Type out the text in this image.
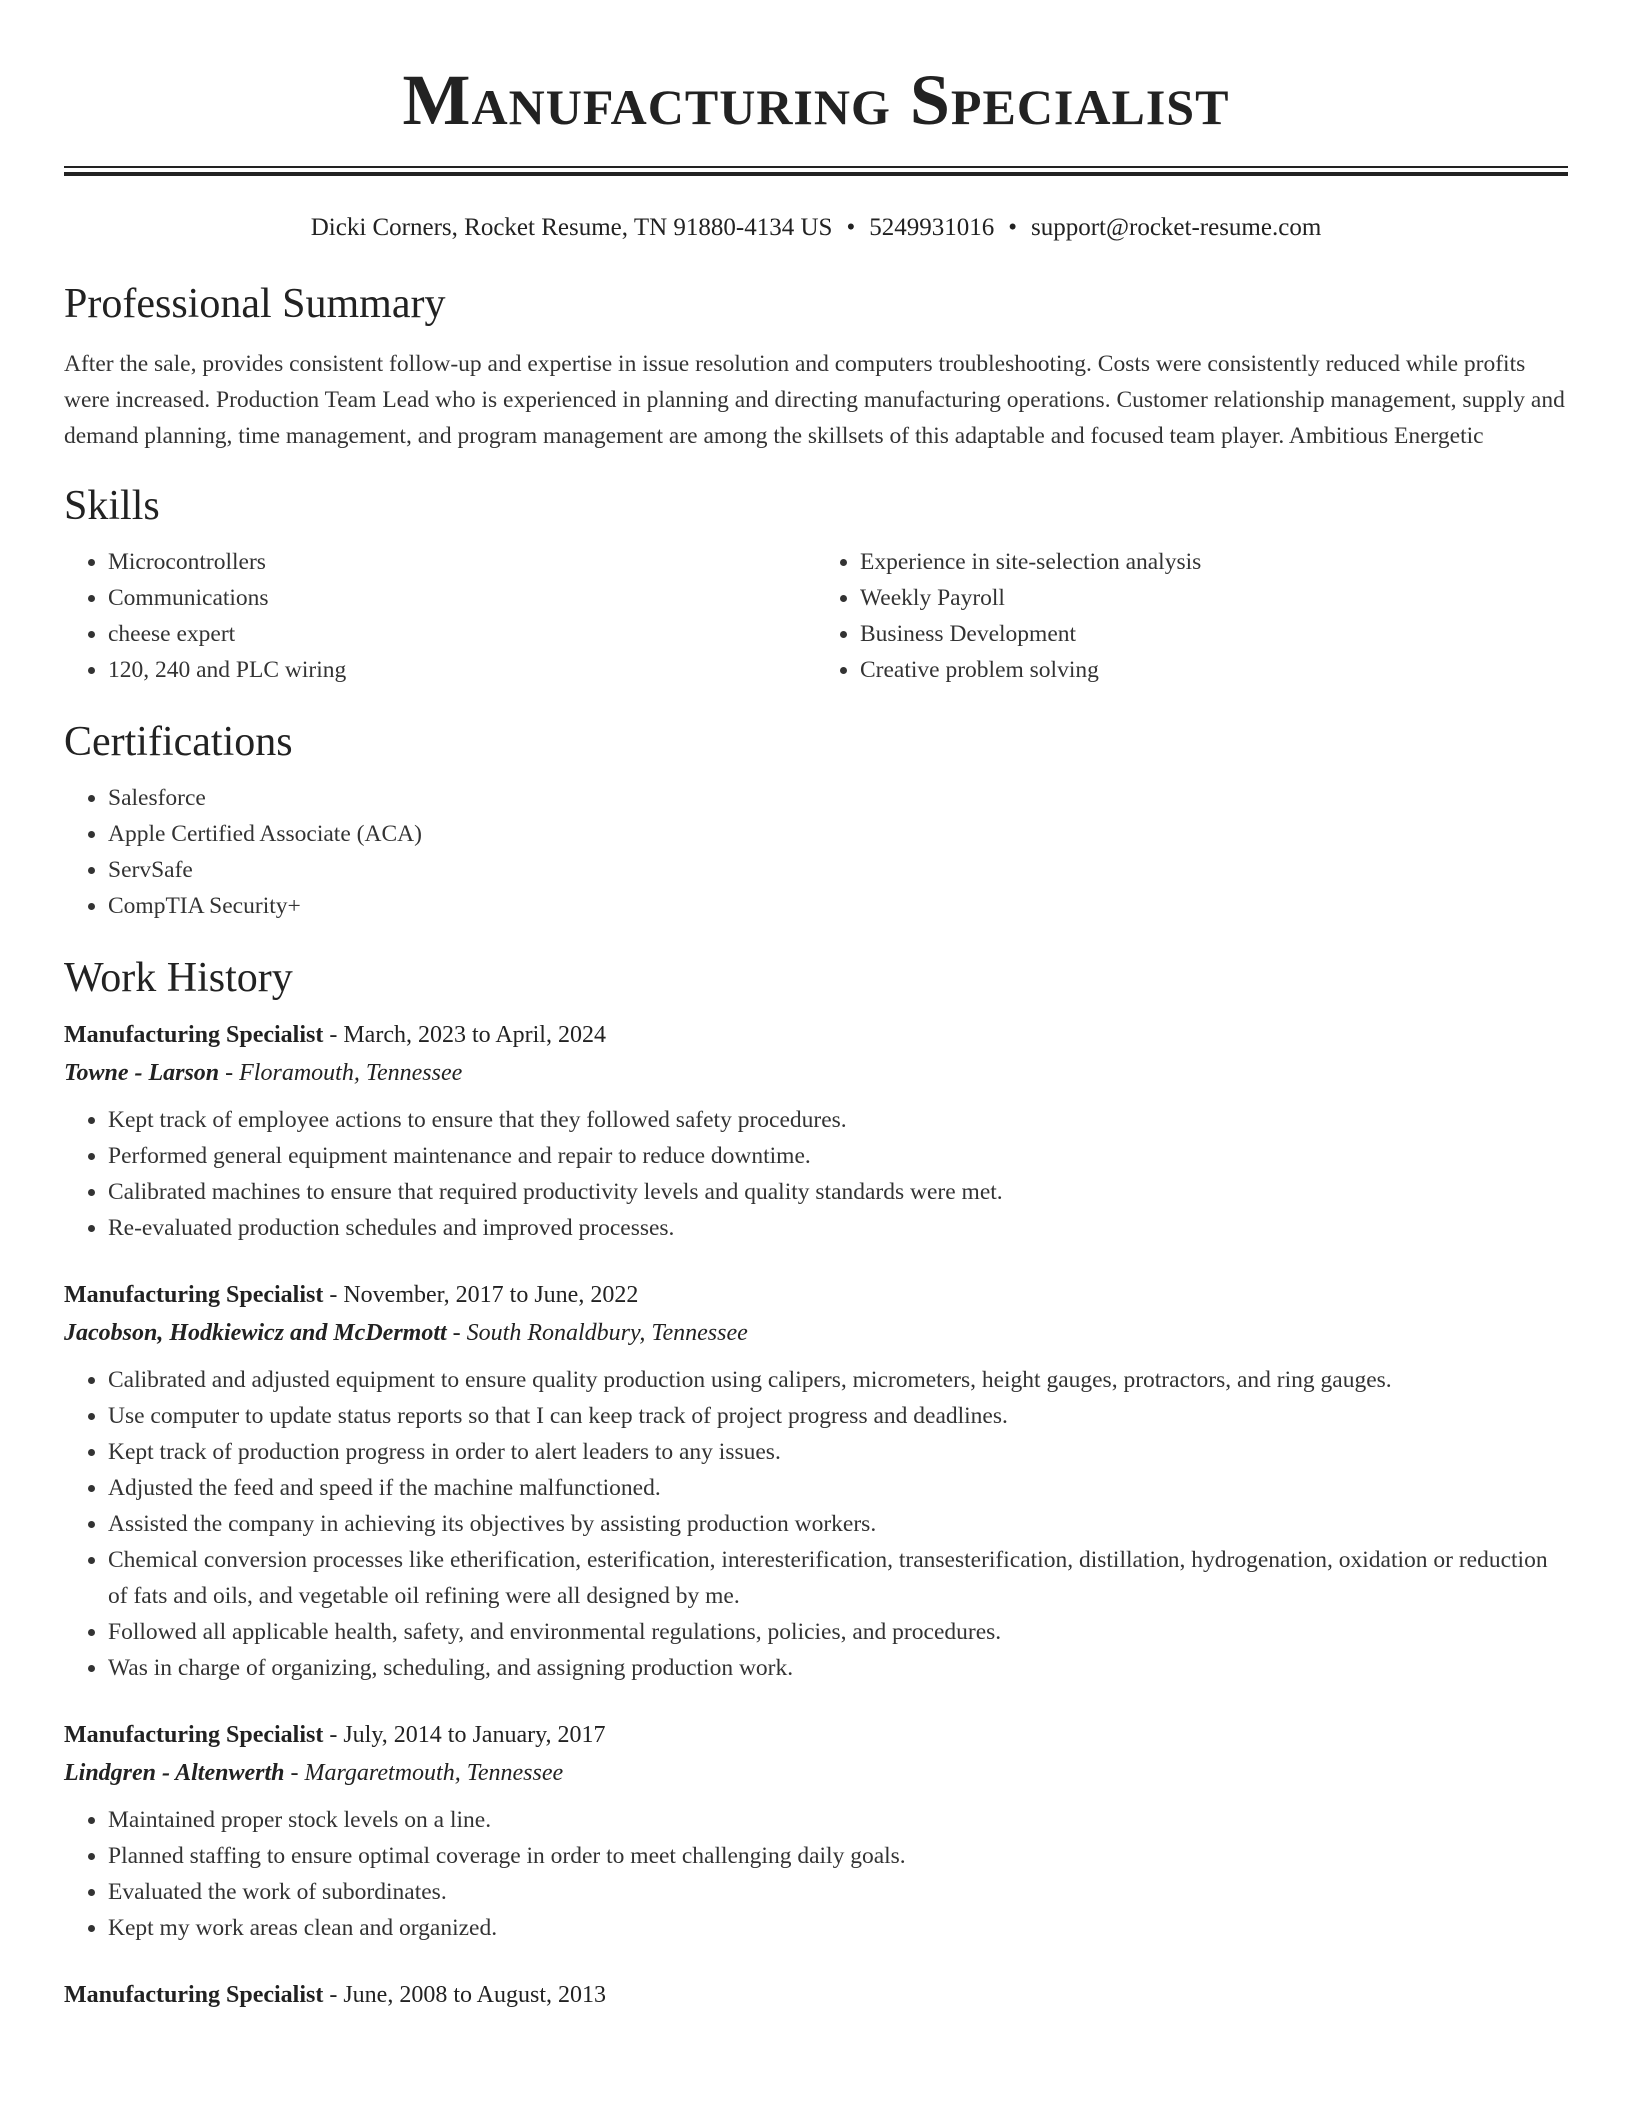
Manufacturing Specialist
Dicki Corners, Rocket Resume, TN 91880-4134 US • 5249931016 • support@rocket-resume.com
Professional Summary

After the sale, provides consistent follow-up and expertise in issue resolution and computers troubleshooting. Costs were consistently reduced while profits were increased. Production Team Lead who is experienced in planning and directing manufacturing operations. Customer relationship management, supply and demand planning, time management, and program management are among the skillsets of this adaptable and focused team player. Ambitious Energetic

Skills
• Microcontrollers
• Communications
• cheese expert
• 120, 240 and PLC wiring
• Experience in site-selection analysis
• Weekly Payroll
• Business Development
• Creative problem solving
Certifications
• Salesforce
• Apple Certified Associate (ACA)
• ServSafe
• CompTIA Security+
Work History
Manufacturing Specialist - March, 2023 to April, 2024
Towne - Larson - Floramouth, Tennessee
• Kept track of employee actions to ensure that they followed safety procedures.
• Performed general equipment maintenance and repair to reduce downtime.
• Calibrated machines to ensure that required productivity levels and quality standards were met.
• Re-evaluated production schedules and improved processes.
Manufacturing Specialist - November, 2017 to June, 2022
Jacobson, Hodkiewicz and McDermott - South Ronaldbury, Tennessee
• Calibrated and adjusted equipment to ensure quality production using calipers, micrometers, height gauges, protractors, and ring gauges.
• Use computer to update status reports so that I can keep track of project progress and deadlines.
• Kept track of production progress in order to alert leaders to any issues.
• Adjusted the feed and speed if the machine malfunctioned.
• Assisted the company in achieving its objectives by assisting production workers.
• Chemical conversion processes like etherification, esterification, interesterification, transesterification, distillation, hydrogenation, oxidation or reduction of fats and oils, and vegetable oil refining were all designed by me.
• Followed all applicable health, safety, and environmental regulations, policies, and procedures.
• Was in charge of organizing, scheduling, and assigning production work.
Manufacturing Specialist - July, 2014 to January, 2017
Lindgren - Altenwerth - Margaretmouth, Tennessee
• Maintained proper stock levels on a line.
• Planned staffing to ensure optimal coverage in order to meet challenging daily goals.
• Evaluated the work of subordinates.
• Kept my work areas clean and organized.
Manufacturing Specialist - June, 2008 to August, 2013
